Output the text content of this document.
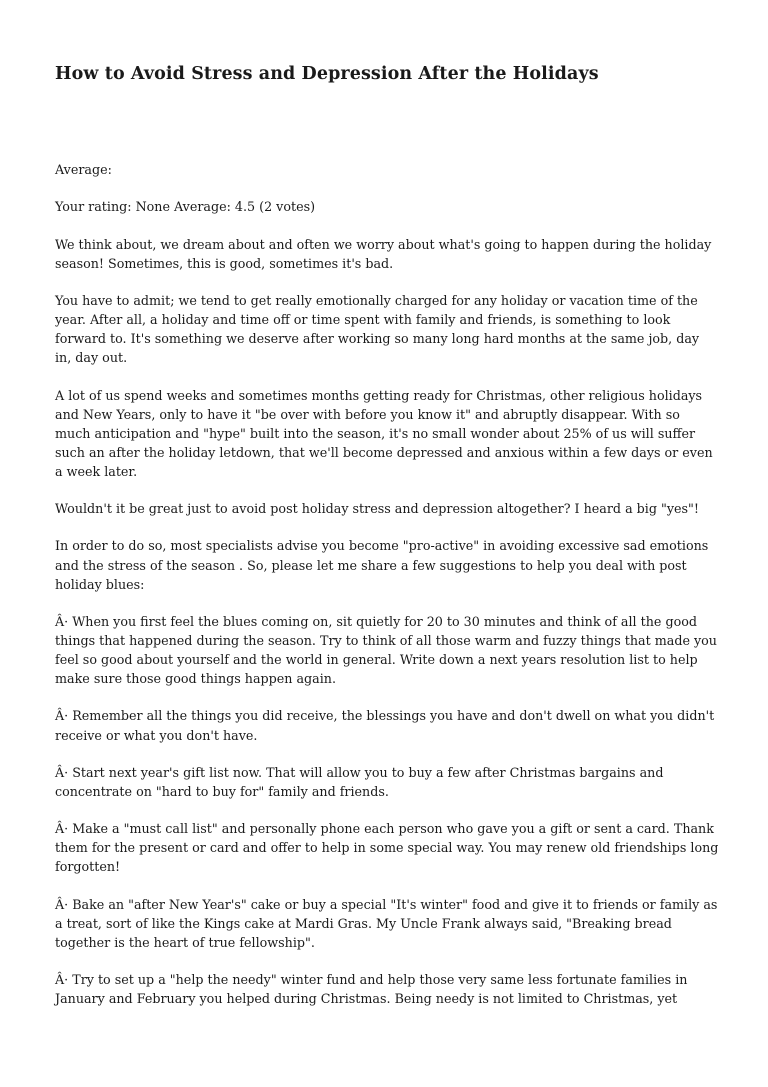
How to Avoid Stress and Depression After the Holidays

Average:

Your rating: None Average: 4.5 (2 votes)

We think about, we dream about and often we worry about what's going to happen during the holiday season! Sometimes, this is good, sometimes it's bad.

You have to admit; we tend to get really emotionally charged for any holiday or vacation time of the year. After all, a holiday and time off or time spent with family and friends, is something to look forward to. It's something we deserve after working so many long hard months at the same job, day in, day out.

A lot of us spend weeks and sometimes months getting ready for Christmas, other religious holidays and New Years, only to have it "be over with before you know it" and abruptly disappear. With so much anticipation and "hype" built into the season, it's no small wonder about 25% of us will suffer such an after the holiday letdown, that we'll become depressed and anxious within a few days or even a week later.

Wouldn't it be great just to avoid post holiday stress and depression altogether? I heard a big "yes"!

In order to do so, most specialists advise you become "pro-active" in avoiding excessive sad emotions and the stress of the season . So, please let me share a few suggestions to help you deal with post holiday blues:

Â· When you first feel the blues coming on, sit quietly for 20 to 30 minutes and think of all the good things that happened during the season. Try to think of all those warm and fuzzy things that made you feel so good about yourself and the world in general. Write down a next years resolution list to help make sure those good things happen again.

Â· Remember all the things you did receive, the blessings you have and don't dwell on what you didn't receive or what you don't have.

Â· Start next year's gift list now. That will allow you to buy a few after Christmas bargains and concentrate on "hard to buy for" family and friends.

Â· Make a "must call list" and personally phone each person who gave you a gift or sent a card. Thank them for the present or card and offer to help in some special way. You may renew old friendships long forgotten!

Â· Bake an "after New Year's" cake or buy a special "It's winter" food and give it to friends or family as a treat, sort of like the Kings cake at Mardi Gras. My Uncle Frank always said, "Breaking bread together is the heart of true fellowship".

Â· Try to set up a "help the needy" winter fund and help those very same less fortunate families in January and February you helped during Christmas. Being needy is not limited to Christmas, yet
